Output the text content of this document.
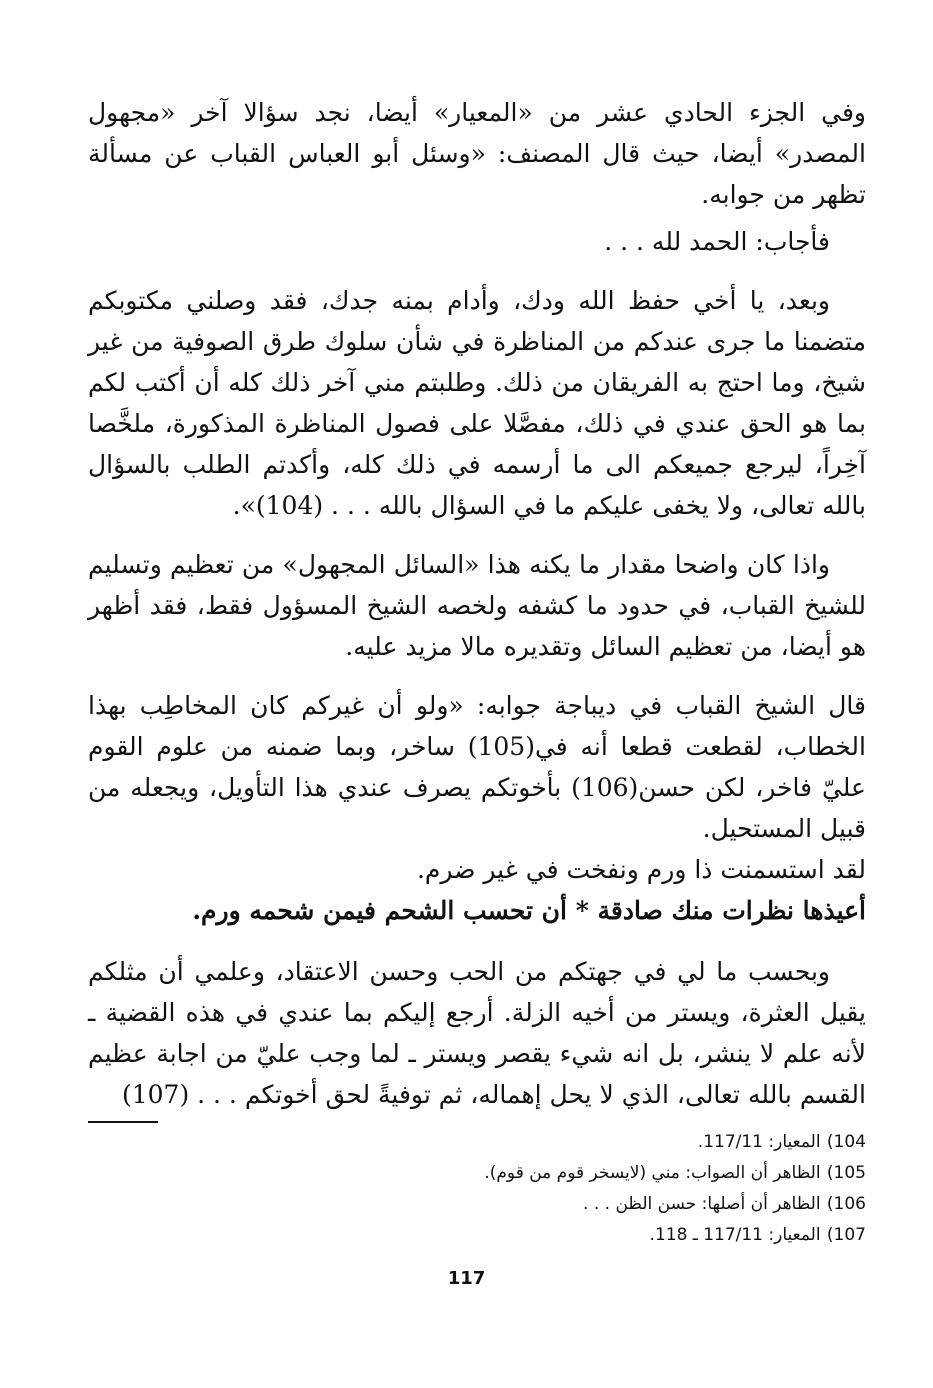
وفي الجزء الحادي عشر من «المعيار» أيضا، نجد سؤالا آخر «مجهول المصدر» أيضا، حيث قال المصنف: «وسئل أبو العباس القباب عن مسألة تظهر من جوابه.

فأجاب: الحمد لله . . .

وبعد، يا أخي حفظ الله ودك، وأدام بمنه جدك، فقد وصلني مكتوبكم متضمنا ما جرى عندكم من المناظرة في شأن سلوك طرق الصوفية من غير شيخ، وما احتج به الفريقان من ذلك. وطلبتم مني آخر ذلك كله أن أكتب لكم بما هو الحق عندي في ذلك، مفصَّلا على فصول المناظرة المذكورة، ملخَّصا آخِراً، ليرجع جميعكم الى ما أرسمه في ذلك كله، وأكدتم الطلب بالسؤال بالله تعالى، ولا يخفى عليكم ما في السؤال بالله . . . (104)».

واذا كان واضحا مقدار ما يكنه هذا «السائل المجهول» من تعظيم وتسليم للشيخ القباب، في حدود ما كشفه ولخصه الشيخ المسؤول فقط، فقد أظهر هو أيضا، من تعظيم السائل وتقديره مالا مزيد عليه.

قال الشيخ القباب في ديباجة جوابه: «ولو أن غيركم كان المخاطِب بهذا الخطاب، لقطعت قطعا أنه في(105) ساخر، وبما ضمنه من علوم القوم عليّ فاخر، لكن حسن(106) بأخوتكم يصرف عندي هذا التأويل، ويجعله من قبيل المستحيل.

لقد استسمنت ذا ورم ونفخت في غير ضرم.

أعيذها نظرات منك صادقة * أن تحسب الشحم فيمن شحمه ورم.

وبحسب ما لي في جهتكم من الحب وحسن الاعتقاد، وعلمي أن مثلكم يقيل العثرة، ويستر من أخيه الزلة. أرجع إليكم بما عندي في هذه القضية ـ لأنه علم لا ينشر، بل انه شيء يقصر ويستر ـ لما وجب عليّ من اجابة عظيم القسم بالله تعالى، الذي لا يحل إهماله، ثم توفيةً لحق أخوتكم . . . (107)

104) المعيار: 117/11.
105) الظاهر أن الصواب: مني (لايسخر قوم من قوم).
106) الظاهر أن أصلها: حسن الظن . . .
107) المعيار: 117/11 ـ 118.
117
